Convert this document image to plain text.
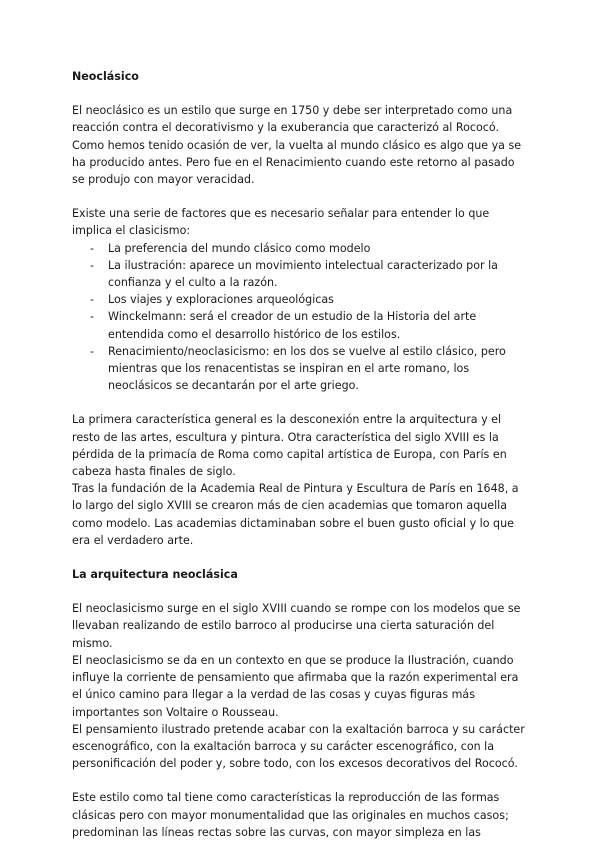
Neoclásico

El neoclásico es un estilo que surge en 1750 y debe ser interpretado como una reacción contra el decorativismo y la exuberancia que caracterizó al Rococó. Como hemos tenido ocasión de ver, la vuelta al mundo clásico es algo que ya se ha producido antes. Pero fue en el Renacimiento cuando este retorno al pasado se produjo con mayor veracidad.

Existe una serie de factores que es necesario señalar para entender lo que implica el clasicismo:

- La preferencia del mundo clásico como modelo
- La ilustración: aparece un movimiento intelectual caracterizado por la confianza y el culto a la razón.
- Los viajes y exploraciones arqueológicas
- Winckelmann: será el creador de un estudio de la Historia del arte entendida como el desarrollo histórico de los estilos.
- Renacimiento/neoclasicismo: en los dos se vuelve al estilo clásico, pero mientras que los renacentistas se inspiran en el arte romano, los neoclásicos se decantarán por el arte griego.

La primera característica general es la desconexión entre la arquitectura y el resto de las artes, escultura y pintura. Otra característica del siglo XVIII es la pérdida de la primacía de Roma como capital artística de Europa, con París en cabeza hasta finales de siglo.

Tras la fundación de la Academia Real de Pintura y Escultura de París en 1648, a lo largo del siglo XVIII se crearon más de cien academias que tomaron aquella como modelo. Las academias dictaminaban sobre el buen gusto oficial y lo que era el verdadero arte.

La arquitectura neoclásica

El neoclasicismo surge en el siglo XVIII cuando se rompe con los modelos que se llevaban realizando de estilo barroco al producirse una cierta saturación del mismo.

El neoclasicismo se da en un contexto en que se produce la Ilustración, cuando influye la corriente de pensamiento que afirmaba que la razón experimental era el único camino para llegar a la verdad de las cosas y cuyas figuras más importantes son Voltaire o Rousseau.

El pensamiento ilustrado pretende acabar con la exaltación barroca y su carácter escenográfico, con la exaltación barroca y su carácter escenográfico, con la personificación del poder y, sobre todo, con los excesos decorativos del Rococó.

Este estilo como tal tiene como características la reproducción de las formas clásicas pero con mayor monumentalidad que las originales en muchos casos; predominan las líneas rectas sobre las curvas, con mayor simpleza en las
